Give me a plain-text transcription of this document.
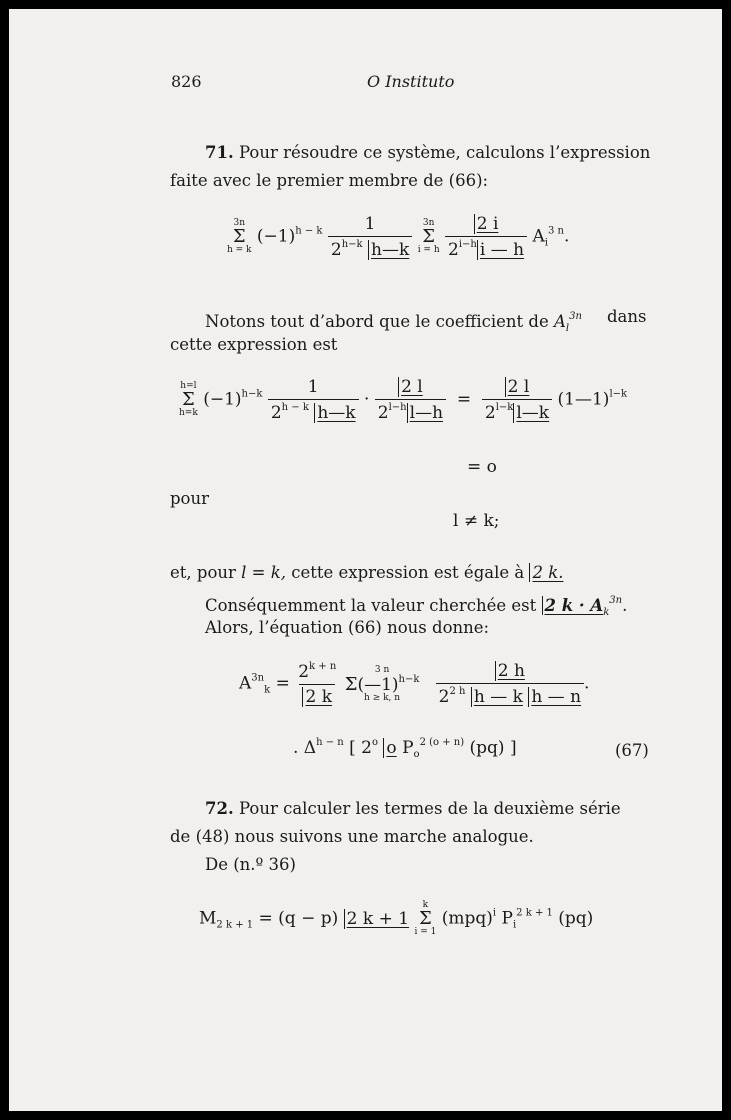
826	O Instituto
71. Pour résoudre ce système, calculons l’expression
faite avec le premier membre de (66):
3n
Σ
h = k
$(-1)^{h - k} \frac{1}{2^{h-k} h—k}$
3n
Σ
i = h
$\frac{2 i}{2^{i-h} i — h} A_i^{3 n}$.
Notons tout d’abord que le coefficient de $A_l^{3n}$ dans
cette expression est
h=l
Σ
h=k
$(-1)^{h-k} \frac{1}{2^{h - k} h—k} \cdot \frac{2 l}{2^{l-h} l—h} = \frac{2 l}{2^{l-k} l—k}$ (1—1)$^{l-k}$
= o
pour
l ≠ k;
et, pour l = k, cette expression est égale à 2 k.
Conséquemment la valeur cherchée est 2 $k \cdot A_k^{3n}$.
Alors, l’équation (66) nous donne:
$A^{3n}_k = \frac{2^{k + n}}{2 k}$
	3 n
Σ(—1)$^{h-k}$
h ≥ k, n
$\frac{2 h}{2^{2 h} h — k h — n}$ .
. $\Delta^{h - n}$ [ 2$^o$ o $P_o^{2 (o + n)}$ (pq) ]	(67)
72. Pour calculer les termes de la deuxième série
de (48) nous suivons une marche analogue.
De (n.º 36)
$M_{2 k + 1} = (q - p)$ 2 k + 1
k
Σ
i = 1
(mpq)$^i$ $P_i^{2 k + 1}$ (pq)
